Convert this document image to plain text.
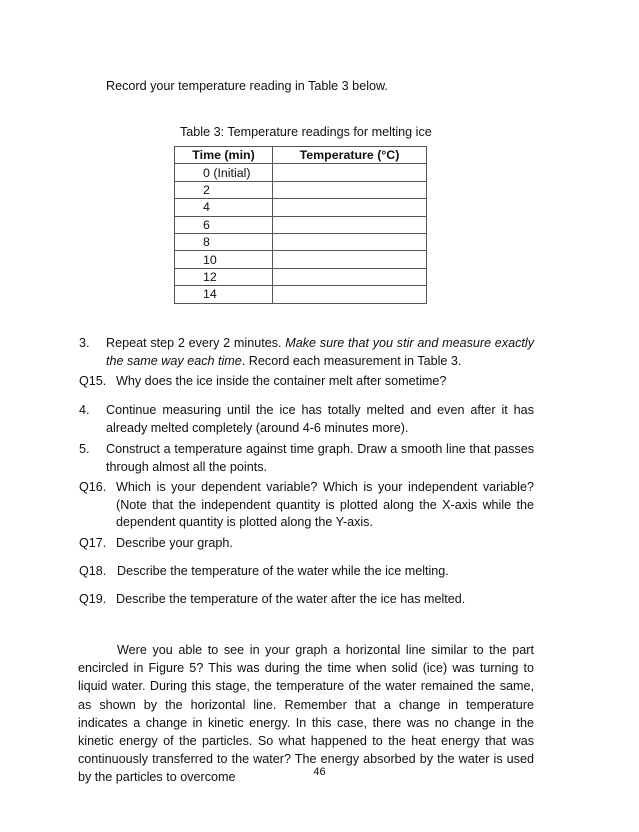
Record your temperature reading in Table 3 below.
Table 3: Temperature readings for melting ice
Time (min)	Temperature (°C)
0 (Initial)	
2	
4	
6	
8	
10	
12	
14	
3. Repeat step 2 every 2 minutes. Make sure that you stir and measure exactly the same way each time. Record each measurement in Table 3.
Q15. Why does the ice inside the container melt after sometime?
4. Continue measuring until the ice has totally melted and even after it has already melted completely (around 4-6 minutes more).
5. Construct a temperature against time graph. Draw a smooth line that passes through almost all the points.
Q16. Which is your dependent variable? Which is your independent variable? (Note that the independent quantity is plotted along the X-axis while the dependent quantity is plotted along the Y-axis.
Q17. Describe your graph.
Q18. Describe the temperature of the water while the ice melting.
Q19. Describe the temperature of the water after the ice has melted.
Were you able to see in your graph a horizontal line similar to the part encircled in Figure 5? This was during the time when solid (ice) was turning to liquid water. During this stage, the temperature of the water remained the same, as shown by the horizontal line. Remember that a change in temperature indicates a change in kinetic energy. In this case, there was no change in the kinetic energy of the particles. So what happened to the heat energy that was continuously transferred to the water? The energy absorbed by the water is used by the particles to overcome	46
